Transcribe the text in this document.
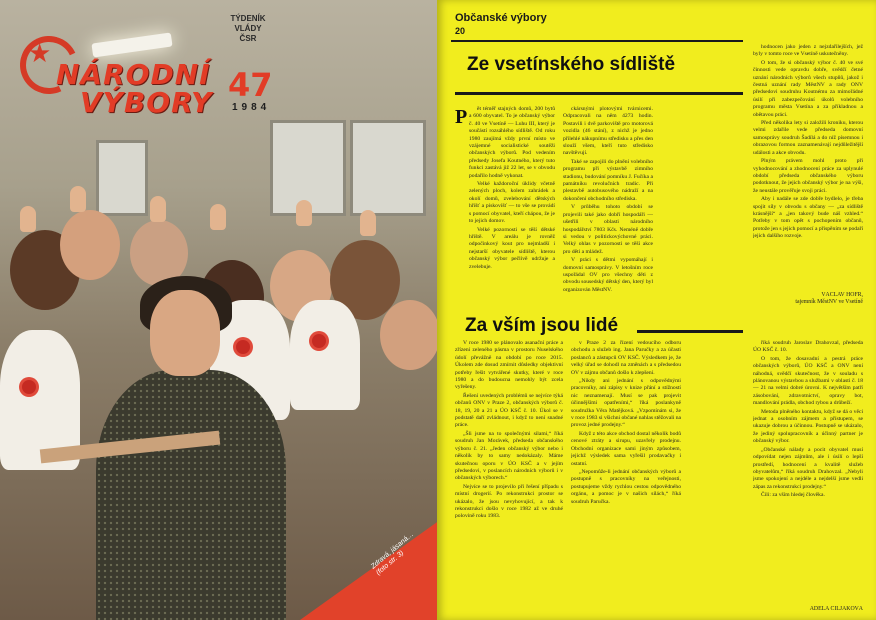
★
NÁRODNÍ
VÝBORY
TÝDENÍK
VLÁDY
ČSR
47
1984
Zdravá, jásaná… (foto str. 3)
Občanské výbory
20
Ze vsetínského sídliště
P	ět téměř stajných domů, 200 bytů a 600 obyvatel. To je občanský výbor č. 40 ve Vsetíně — Luhu III, který je součástí rozsáhlého sídliště. Od roku 1980 zaujímá vždy první místo ve vzájemné socialistické soutěži občanských výborů. Pod vedením předsedy Josefa Koutného, který tuto funkci zastává již 22 let, se v obvodu podařilo hodně vykonat.

Velké každoroční úklidy včetně zelených ploch, kolem zahrádek a okolí domů, zvelebování dětských hřišť a pískovišť — to vše se provádí s pomocí obyvatel, kteří chápou, že je to jejich domov.

Velké pozornosti se těší dětské hřiště. V areálu je rovněž odpočinkový kout pro nejmladší i nejstarší obyvatele sídliště, kterou občanský výbor pečlivě udržuje a zvelebuje.

ckársnými plotovými tvárnicemi. Odpracovali na něm 4273 hodin. Postavili i dvě parkoviště pro motorová vozidla (46 stání), z nichž je jedno přilehlé nákupnímu středisku a přes den slouží všem, kteří tuto středisko navštěvují.

Také se zapojili do plnění volebního programu při výstavbě zimního stadionu, budování pomníku J. Fučíka a památníku revolučních tradic. Při plestavbě autobusového nádraží a na dokončení obchodního střediska.

V průběhu tohoto období se projevili také jako dobří hospodáři — ušetřili v oblasti národního hospodářství 7803 Kčs. Neméně dobře si vedou v politickovýchovné práci. Velký ohlas v pozornosti se těší akce pro děti a mládež.

V práci s dětmi vypomáhají i domovní samosprávy. V letošním roce uspořádal OV pro všechny děti z obvodu sousedský dětský den, který byl organizován MěstNV.

hodnocen jako jeden z nejzdařilejších, jež byly v tomto roce ve Vsetíně uskutečněny.

O tom, že si občanský výbor č. 40 ve své činnosti vede opravdu dobře, svědčí četné uznání národních výborů všech stupňů, jakož i čestná uznání rady MěstNV a rady ONV předsedovi soudruhu Koutnému za mimořádné úsilí při zabezpečování úkolů volebního programu města Vsetína a za příkladnou a obětavou práci.

Před několika lety si založili kroniku, kterou velmi zdařile vede předseda domovní samosprávy soudruh Šadílá a do níž písemnou i obrazovou formou zaznamenávají nejdůležitější události a akce obvodu.

Plným právem mohl proto při vyhodnocování a zhodnocení práce za uplynulé období předseda občanského výboru podotknout, že jejich občanský výbor je na výši, že neustále prověřuje svoji práci.

Aby i nadále se zde dobře bydlelo, je třeba spojit síly v obvodu s občany — „za sídliště krásnější“ a „jen takový bude náš vzhled.“ Potřeby v tom opět s pochopením občanů, protože jen s jejich pomocí a přispěním se podaří jejich dalšího rozvoje.

VÁCLAV HOFR,
tajemník MěstNV ve Vsetíně
Za vším jsou lidé

V roce 1980 se plánovalo asanační práce a zřízení zeleného pásma v prostoru Nuselského údolí převážně na období po roce 2015. Úkolem zde dosud zmírnit důsledky objektivní potřeby řešit vytvářené skutky, které v roce 1980 a do budoucna nemohly být zcela vyřešeny.

Řešení uvedených problémů se nejvíce týká občanů ONV v Praze 2, občanských výborů č. 18, 19, 20 a 21 a ÚO KSČ č. 10. Úkol se v podstatě daří zvládnout, i když to není snadné práce.

„Šli jsme na to společnými silami,“ říká soudruh Jan Morávek, předseda občanského výboru č. 21. „Jeden občanský výbor nebo i několik by to samy nedokázaly. Máme skutečnou oporu v ÚO KSČ a v jejím předsedovi, v poslancích národních výborů i v občanských výborech.“

Nejvíce se to projevilo při řešení případu s místní drogerií. Po rekonstrukci prostor se ukázalo, že jsou nevyhovující, a tak k rekonstrukci došlo v roce 1982 až ve druhé polovině roku 1983.

v Praze 2 za řízení vedoucího odboru obchodu a služeb ing. Jana Paručky a za účasti poslanců a zástupců OV KSČ. Výsledkem je, že velký úřad se dohodl na změnách a s předsedou OV v zájmu občanů došlo k zlepšení.

„Nikdy ani jednání s odpovědnými pracovníky, ani zápisy v knize přání a stížností nic neznamenají. Musí se pak projevit účinnějšími opatřeními,“ říká poslankyně soudružka Věra Matějková. „Vzpomínám si, že v roce 1983 si všichni občané nahlas stěžovali na provoz jedné prodejny.“

Když z této akce obchod dostal několik bodů cenové ztráty a sirupu, uzavřely prodejnu. Obchodní organizace sami jiným způsobem, jejichž výsledek sama vyřešil prodavačky i ostatní.

„Nepomůže-li jednání občanských výborů a postupně s pracovníky na veřejnosti, postupujeme vždy rychlou cestou odpovědného orgánu, a pomoc je v našich silách,“ říká soudruh Paručka.

říká soudruh Jaroslav Drahovzal, předseda ÚO KSČ č. 10.

O tom, že dosavadní a pestrá práce občanských výborů, ÚO KSČ a ONV není náhodná, svědčí skutečnost, že v souladu s plánovanou výstavbou a službami v oblasti č. 18 — 21 na velmi dobré úrovni. K největším patří zásobování, zdravotnictví, opravy bot, mandlování prádla, obchod rybou a drůbeží.

Metoda plněného kontaktu, když se dá o věci jednat a osobním zájmem a přístupem, se ukazuje dobrou a účinnou. Postupně se ukázalo, že jediný spolupracovník a účinný partner je občanský výbor.

„Občanské nálady a pocit obyvatel musí odpovídat nejen zájmům, ale i úsilí o lepší prostředí, hodnocení a kvalitě služeb obyvatelům,“ říká soudruh Drahovzal. „Nebyli jsme spokojení a nejdéle a nejdelší jsme vedli zápas za rekonstrukci prodejny.“

Čili: za vším hledej člověka.

ADÉLA CILJAKOVÁ
